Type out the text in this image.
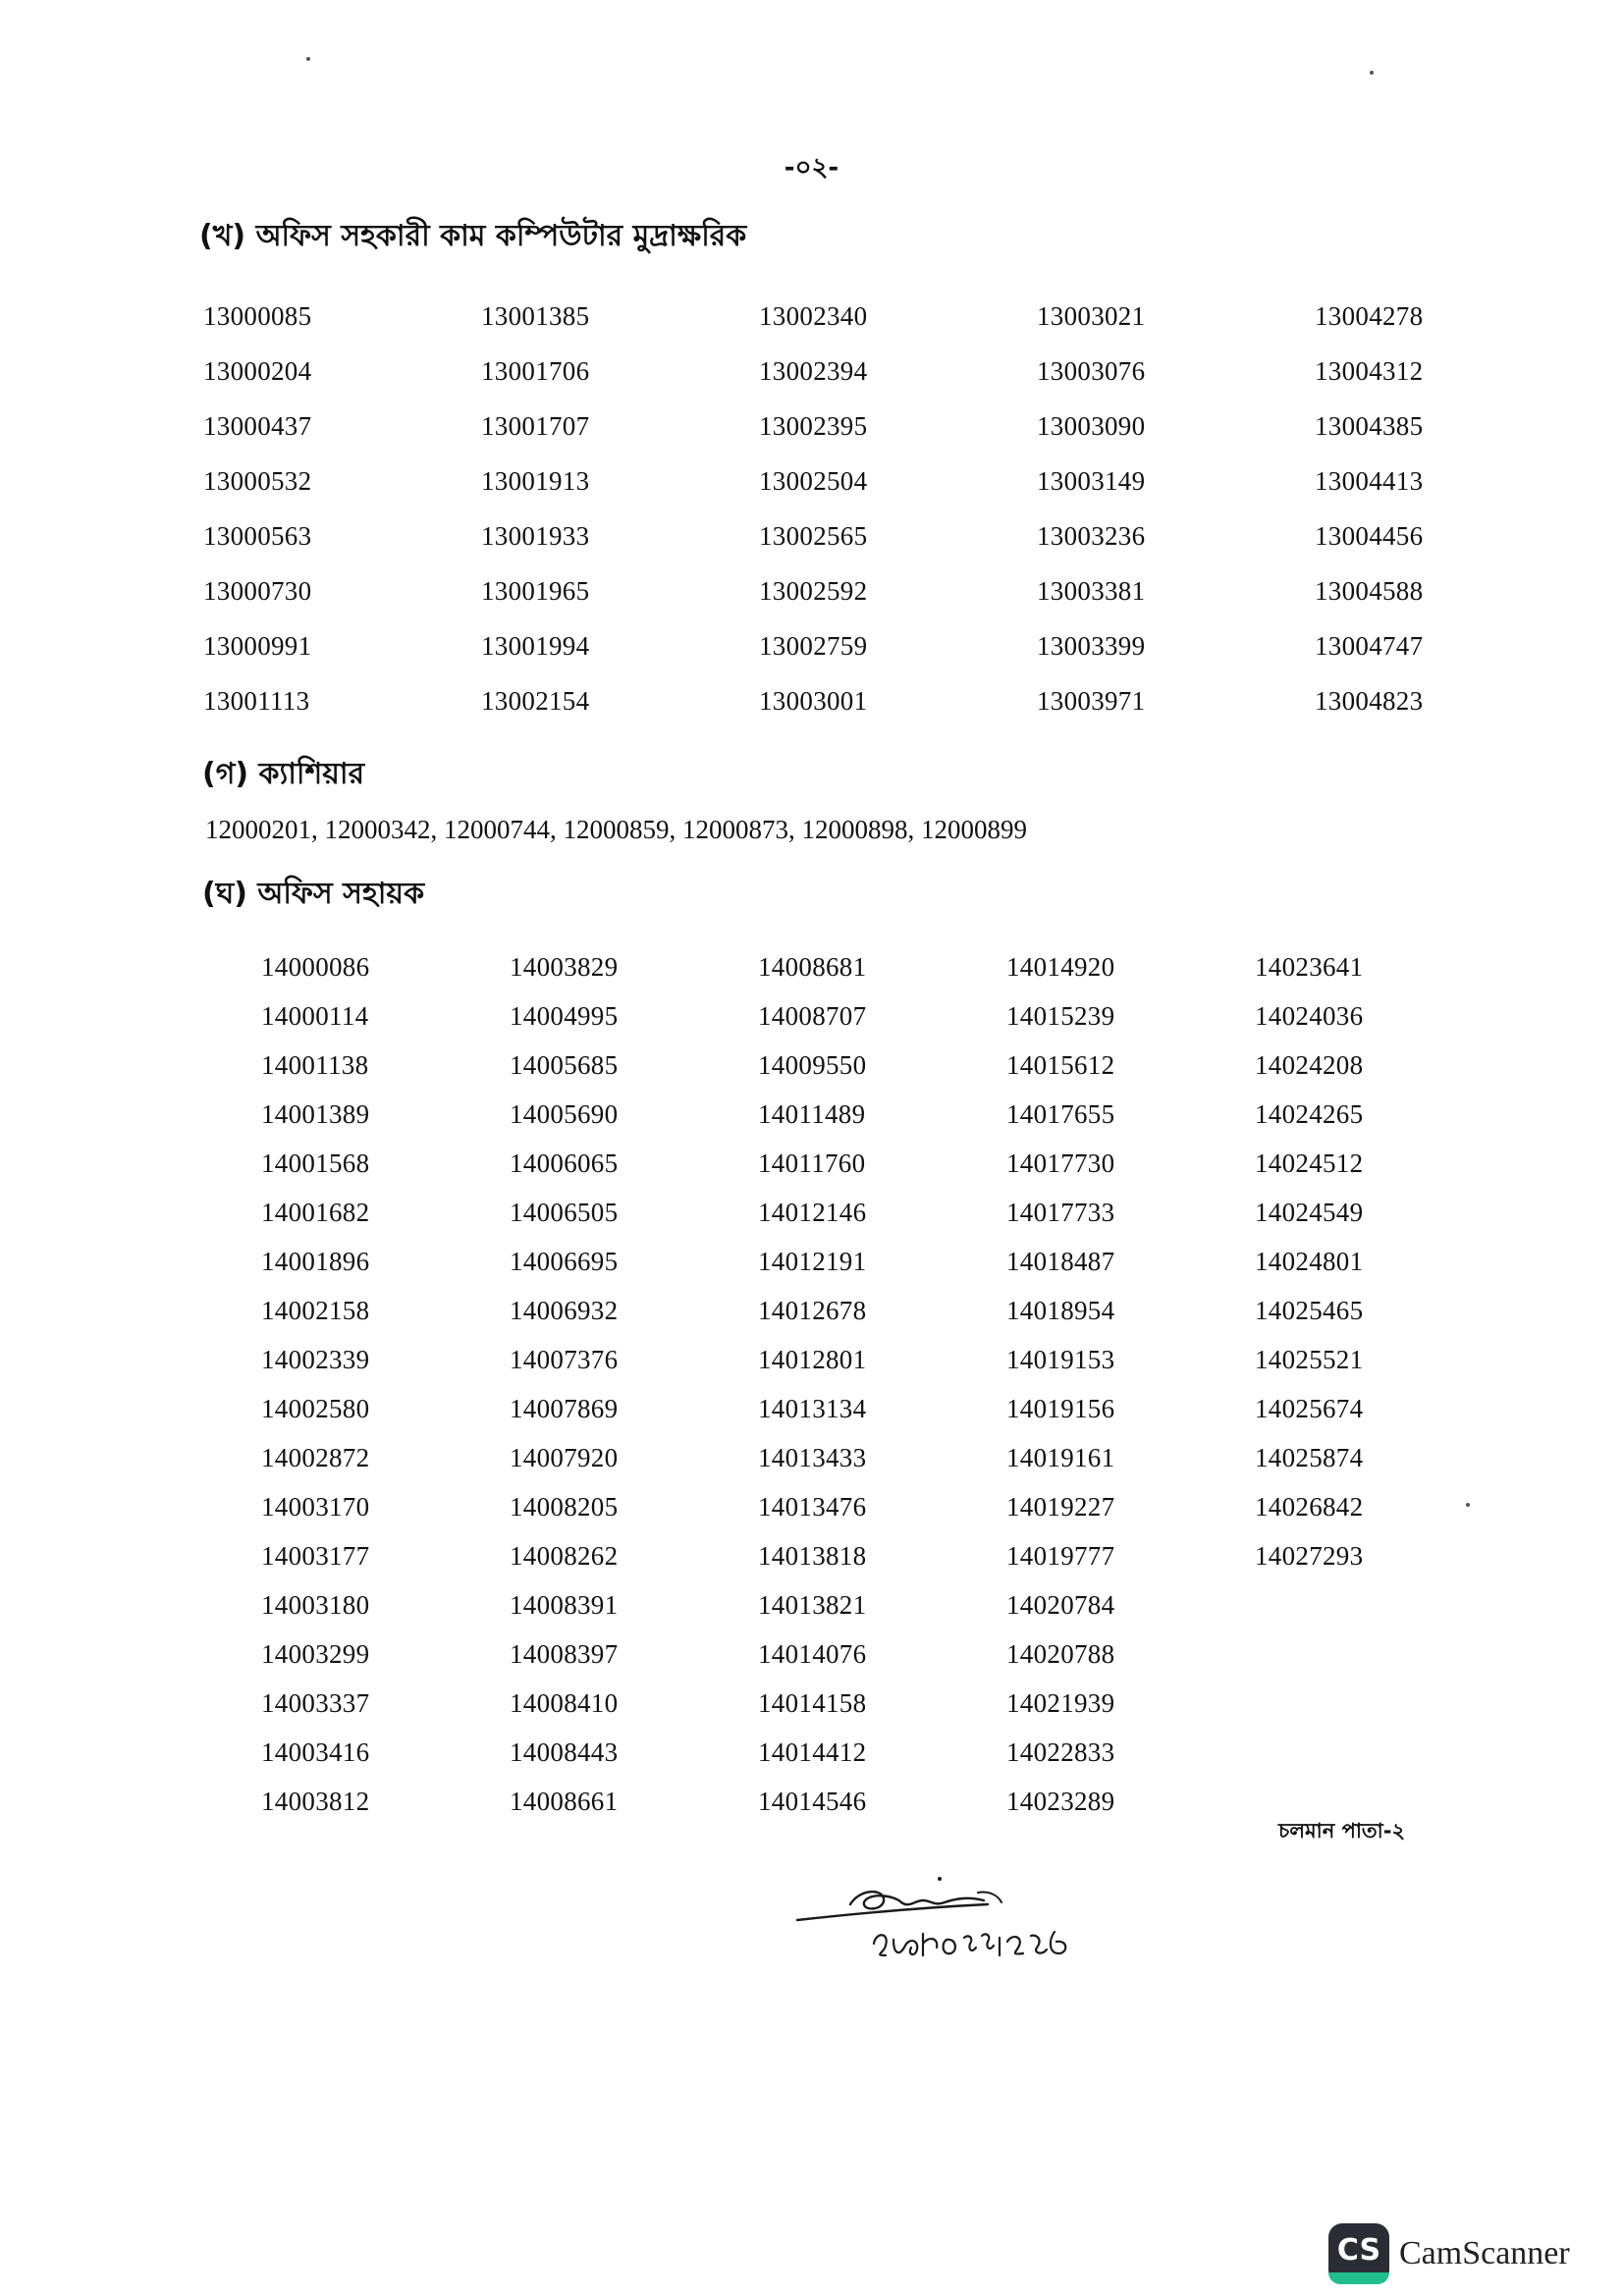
-০২-
(খ) অফিস সহকারী কাম কম্পিউটার মুদ্রাক্ষরিক
13000085
13000204
13000437
13000532
13000563
13000730
13000991
13001113
13001385
13001706
13001707
13001913
13001933
13001965
13001994
13002154
13002340
13002394
13002395
13002504
13002565
13002592
13002759
13003001
13003021
13003076
13003090
13003149
13003236
13003381
13003399
13003971
13004278
13004312
13004385
13004413
13004456
13004588
13004747
13004823
(গ) ক্যাশিয়ার
12000201, 12000342, 12000744, 12000859, 12000873, 12000898, 12000899
(ঘ) অফিস সহায়ক
14000086
14000114
14001138
14001389
14001568
14001682
14001896
14002158
14002339
14002580
14002872
14003170
14003177
14003180
14003299
14003337
14003416
14003812
14003829
14004995
14005685
14005690
14006065
14006505
14006695
14006932
14007376
14007869
14007920
14008205
14008262
14008391
14008397
14008410
14008443
14008661
14008681
14008707
14009550
14011489
14011760
14012146
14012191
14012678
14012801
14013134
14013433
14013476
14013818
14013821
14014076
14014158
14014412
14014546
14014920
14015239
14015612
14017655
14017730
14017733
14018487
14018954
14019153
14019156
14019161
14019227
14019777
14020784
14020788
14021939
14022833
14023289
14023641
14024036
14024208
14024265
14024512
14024549
14024801
14025465
14025521
14025674
14025874
14026842
14027293
চলমান পাতা-২
CS CamScanner
